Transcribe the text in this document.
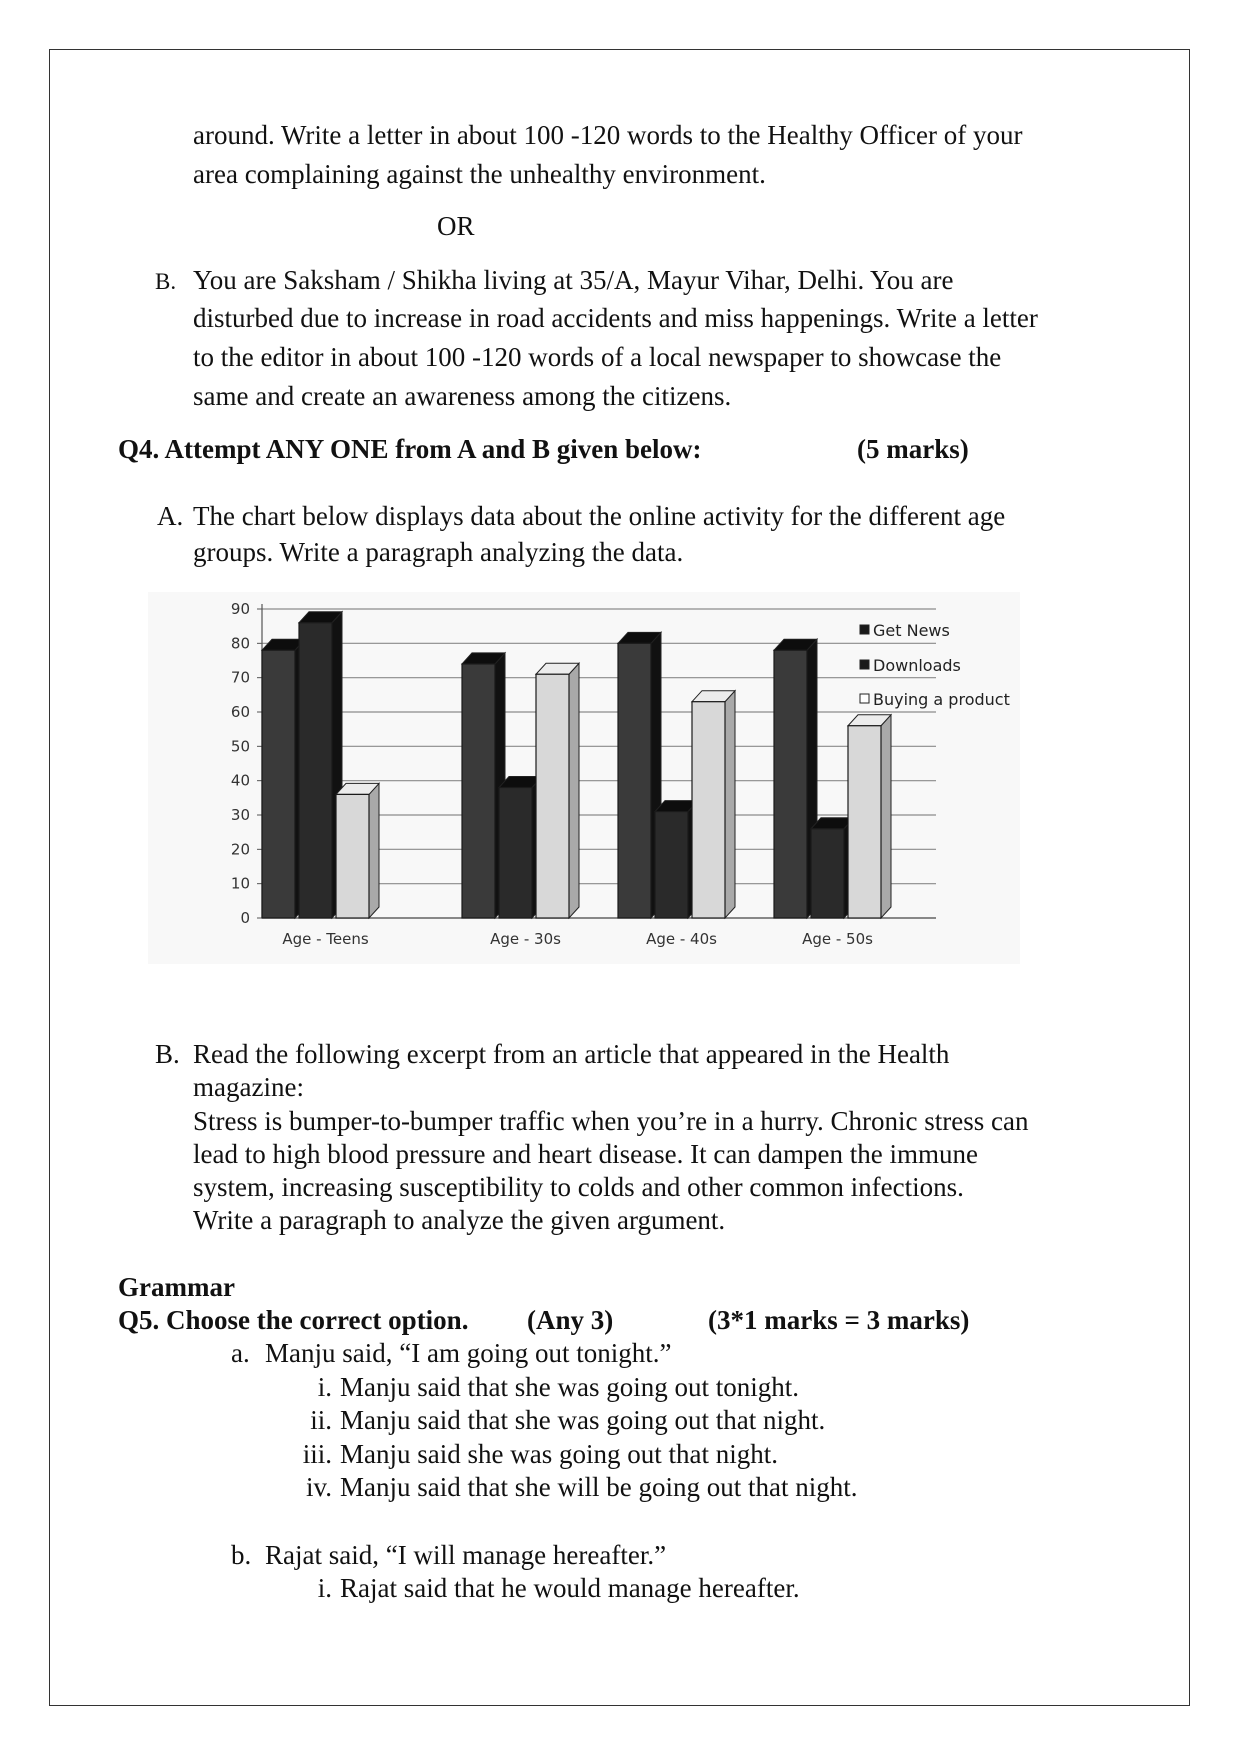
around. Write a letter in about 100 -120 words to the Healthy Officer of your
area complaining against the unhealthy environment.
OR
B. You are Saksham / Shikha living at 35/A, Mayur Vihar, Delhi. You are
disturbed due to increase in road accidents and miss happenings. Write a letter
to the editor in about 100 -120 words of a local newspaper to showcase the
same and create an awareness among the citizens.
Q4. Attempt ANY ONE from A and B given below:	(5 marks)
A. The chart below displays data about the online activity for the different age
groups. Write a paragraph analyzing the data.
0
10
20
30
40
50
60
70
80
90
Age - Teens	Age - 30s	Age - 40s	Age - 50s
Get News
Downloads
Buying a product
B. Read the following excerpt from an article that appeared in the Health
magazine:
Stress is bumper-to-bumper traffic when you’re in a hurry. Chronic stress can
lead to high blood pressure and heart disease. It can dampen the immune
system, increasing susceptibility to colds and other common infections.
Write a paragraph to analyze the given argument.
Grammar
Q5. Choose the correct option. (Any 3)	(3*1 marks = 3 marks)
a. Manju said, “I am going out tonight.”
i. Manju said that she was going out tonight.
ii. Manju said that she was going out that night.
iii. Manju said she was going out that night.
iv. Manju said that she will be going out that night.
b. Rajat said, “I will manage hereafter.”
i. Rajat said that he would manage hereafter.
